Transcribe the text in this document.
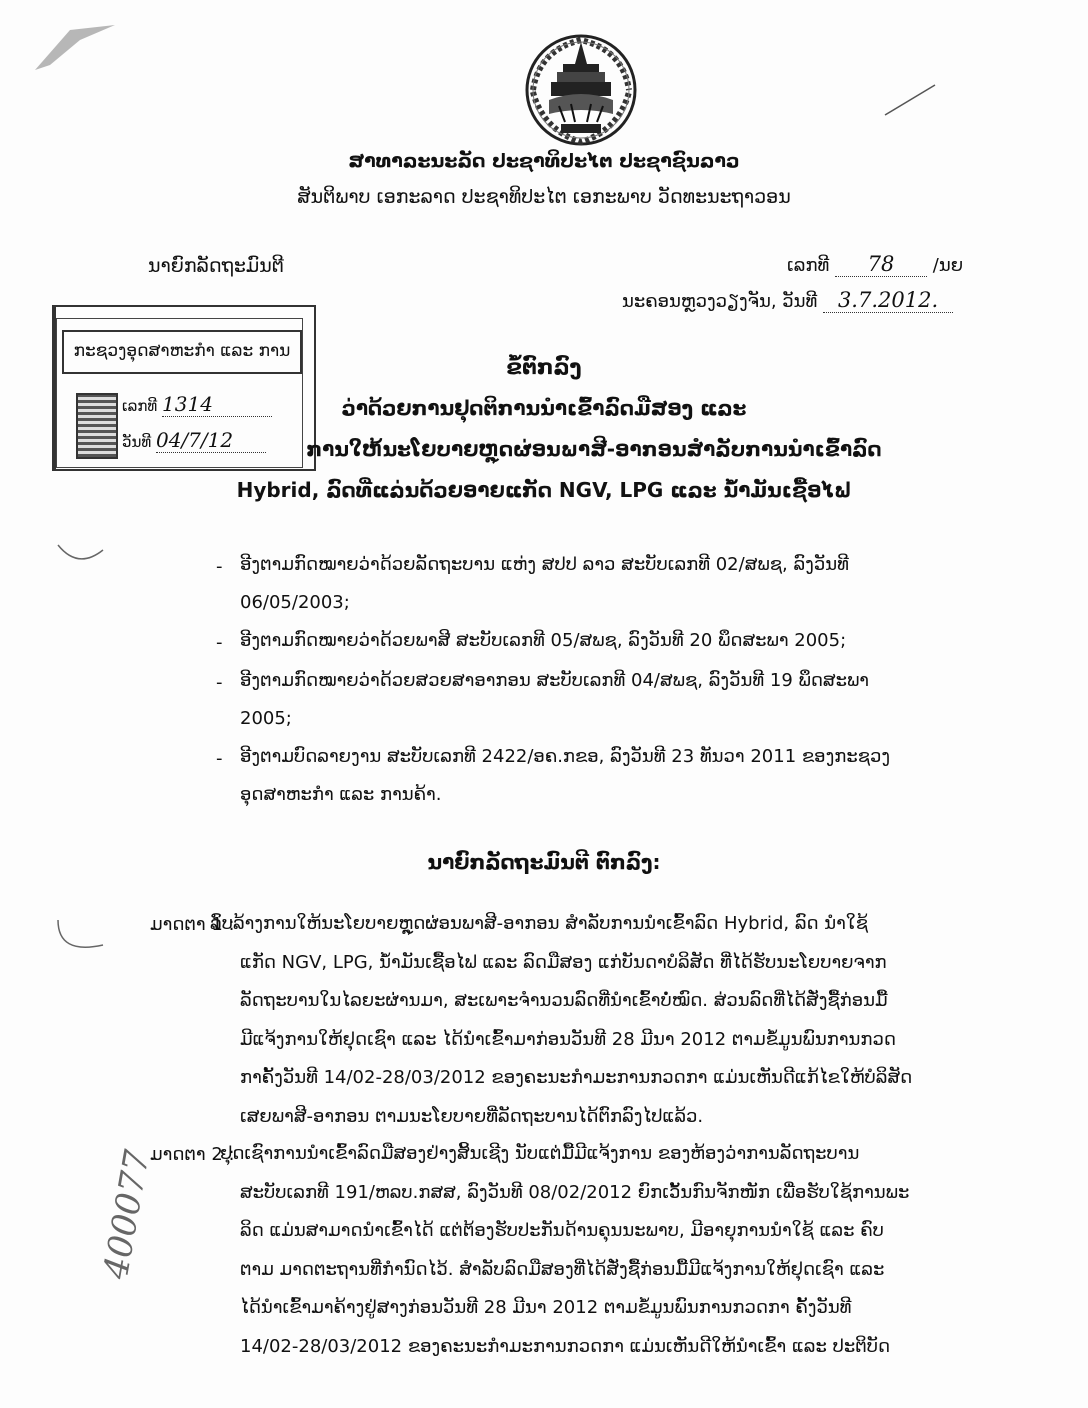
ສາທາລະນະລັດ ປະຊາທິປະໄຕ ປະຊາຊົນລາວ
ສັນຕິພາບ ເອກະລາດ ປະຊາທິປະໄຕ ເອກະພາບ ວັດທະນະຖາວອນ
ນາຍົກລັດຖະມົນຕີ	ເລກທີ 78 /ນຍ
ນະຄອນຫຼວງວຽງຈັນ, ວັນທີ 3.7.2012.
ກະຊວງອຸດສາຫະກຳ ແລະ ການ
ເລກທີ 1314
ວັນທີ 04/7/12
ຂໍ້ຕົກລົງ
ວ່າດ້ວຍການຢຸດຕິການນຳເຂົ້າລົດມືສອງ ແລະ
ການໃຫ້ນະໂຍບາຍຫຼຸດຜ່ອນພາສີ-ອາກອນສຳລັບການນຳເຂົ້າລົດ
Hybrid, ລົດທີ່ແລ່ນດ້ວຍອາຍແກັດ NGV, LPG ແລະ ນ້ຳມັນເຊື້ອໄຟ
- ອີງຕາມກົດໝາຍວ່າດ້ວຍລັດຖະບານ ແຫ່ງ ສປປ ລາວ ສະບັບເລກທີ 02/ສພຊ, ລົງວັນທີ
06/05/2003;
- ອີງຕາມກົດໝາຍວ່າດ້ວຍພາສີ ສະບັບເລກທີ 05/ສພຊ, ລົງວັນທີ 20 ພຶດສະພາ 2005;
- ອີງຕາມກົດໝາຍວ່າດ້ວຍສວຍສາອາກອນ ສະບັບເລກທີ 04/ສພຊ, ລົງວັນທີ 19 ພຶດສະພາ
2005;
- ອີງຕາມບົດລາຍງານ ສະບັບເລກທີ 2422/ອຄ.ກຂອ, ລົງວັນທີ 23 ທັນວາ 2011 ຂອງກະຊວງ
ອຸດສາຫະກຳ ແລະ ການຄ້າ.
ນາຍົກລັດຖະມົນຕີ ຕົກລົງ:
ມາດຕາ 1 :
ລົບລ້າງການໃຫ້ນະໂຍບາຍຫຼຸດຜ່ອນພາສີ-ອາກອນ ສຳລັບການນຳເຂົ້າລົດ Hybrid, ລົດ ນຳໃຊ້
ແກັດ NGV, LPG, ນ້ຳມັນເຊື້ອໄຟ ແລະ ລົດມືສອງ ແກ່ບັນດາບໍລິສັດ ທີ່ໄດ້ຮັບນະໂຍບາຍຈາກ
ລັດຖະບານໃນໄລຍະຜ່ານມາ, ສະເພາະຈຳນວນລົດທີ່ນຳເຂົ້າບໍ່ໝົດ. ສ່ວນລົດທີ່ໄດ້ສັ່ງຊື້ກ່ອນມື້
ມີແຈ້ງການໃຫ້ຢຸດເຊົາ ແລະ ໄດ້ນຳເຂົ້າມາກ່ອນວັນທີ 28 ມີນາ 2012 ຕາມຂໍ້ມູນພົນການກວດ
ກາຄັ້ງວັນທີ 14/02-28/03/2012 ຂອງຄະນະກຳມະການກວດກາ ແມ່ນເຫັນດີແກ້ໄຂໃຫ້ບໍລິສັດ
ເສຍພາສີ-ອາກອນ ຕາມນະໂຍບາຍທີ່ລັດຖະບານໄດ້ຕົກລົງໄປແລ້ວ.
ມາດຕາ 2 :
ຢຸດເຊົາການນຳເຂົ້າລົດມືສອງຢ່າງສິ້ນເຊີງ ນັບແຕ່ມື້ມີແຈ້ງການ ຂອງຫ້ອງວ່າການລັດຖະບານ
ສະບັບເລກທີ 191/ຫລບ.ກສສ, ລົງວັນທີ 08/02/2012 ຍົກເວັ້ນກົນຈັກໜັກ ເພື່ອຮັບໃຊ້ການພະ
ລິດ ແມ່ນສາມາດນຳເຂົ້າໄດ້ ແຕ່ຕ້ອງຮັບປະກັນດ້ານຄຸນນະພາບ, ມີອາຍຸການນຳໃຊ້ ແລະ ຄົບ
ຕາມ ມາດຕະຖານທີ່ກຳນົດໄວ້. ສຳລັບລົດມືສອງທີ່ໄດ້ສັ່ງຊື້ກ່ອນມື້ມີແຈ້ງການໃຫ້ຢຸດເຊົາ ແລະ
ໄດ້ນຳເຂົ້າມາຄ້າງຢູ່ສາງກ່ອນວັນທີ 28 ມີນາ 2012 ຕາມຂໍ້ມູນພົນການກວດກາ ຄັ້ງວັນທີ
14/02-28/03/2012 ຂອງຄະນະກຳມະການກວດກາ ແມ່ນເຫັນດີໃຫ້ນຳເຂົ້າ ແລະ ປະຕິບັດ
400077
